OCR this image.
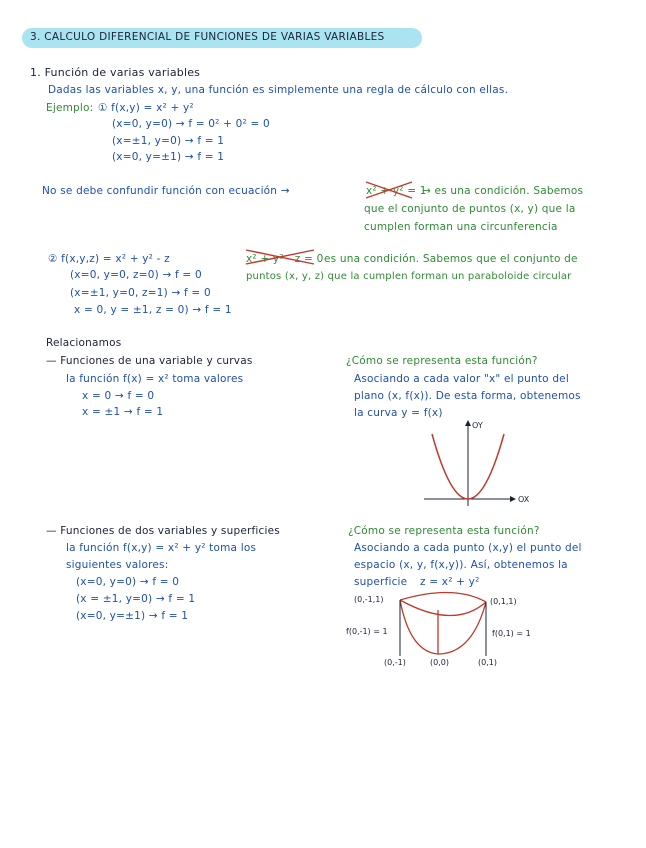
3. CALCULO DIFERENCIAL DE FUNCIONES DE VARIAS VARIABLES
1. Función de varias variables
Dadas las variables x, y, una función es simplemente una regla de cálculo con ellas.
Ejemplo: ① f(x,y) = x² + y²
(x=0, y=0) → f = 0² + 0² = 0
(x=±1, y=0) → f = 1
(x=0, y=±1) → f = 1
No se debe confundir función con ecuación →	x² + y² = 1
→ es una condición. Sabemos
que el conjunto de puntos (x, y) que la
cumplen forman una circunferencia
② f(x,y,z) = x² + y² - z
(x=0, y=0, z=0) → f = 0
(x=±1, y=0, z=1) → f = 0
x = 0, y = ±1, z = 0) → f = 1
x² + y² - z = 0 es una condición. Sabemos que el conjunto de
puntos (x, y, z) que la cumplen forman un paraboloide circular
Relacionamos
— Funciones de una variable y curvas
la función f(x) = x² toma valores
x = 0 → f = 0
x = ±1 → f = 1
¿Cómo se representa esta función?
Asociando a cada valor "x" el punto del
plano (x, f(x)). De esta forma, obtenemos
la curva y = f(x)
OY
OX
— Funciones de dos variables y superficies
la función f(x,y) = x² + y² toma los
siguientes valores:
(x=0, y=0) → f = 0
(x = ±1, y=0) → f = 1
(x=0, y=±1) → f = 1
¿Cómo se representa esta función?
Asociando a cada punto (x,y) el punto del
espacio (x, y, f(x,y)). Así, obtenemos la
superficie z = x² + y²
(0,-1,1)	(0,1,1)
f(0,-1) = 1	f(0,1) = 1
(0,-1)	(0,0)	(0,1)
